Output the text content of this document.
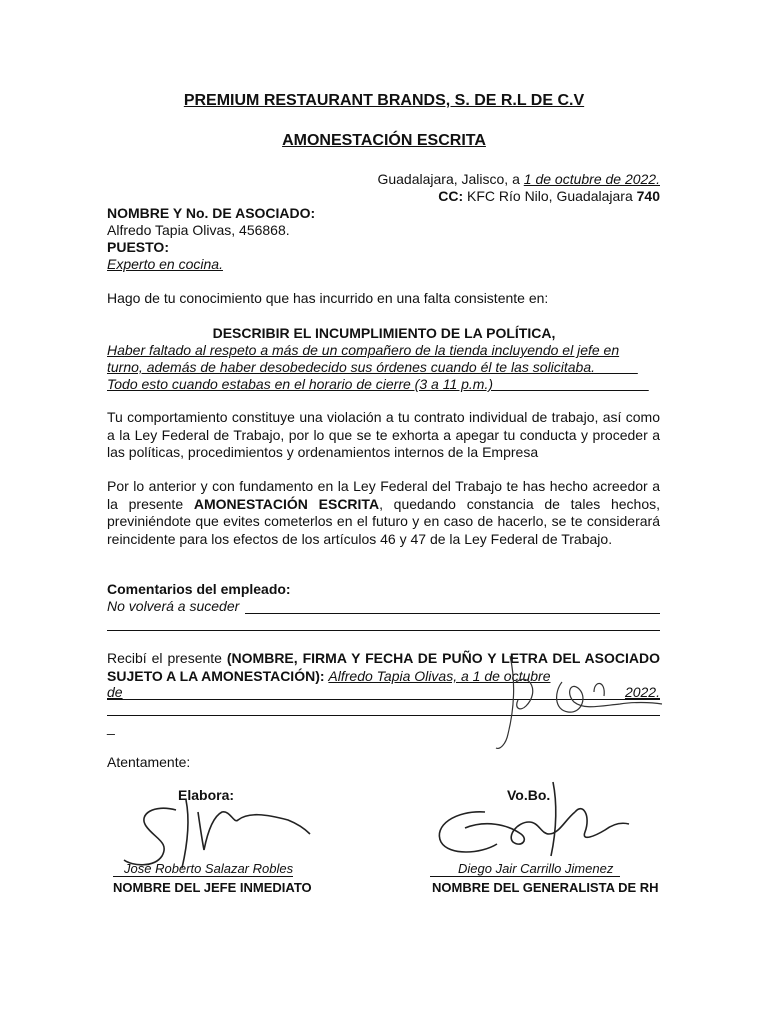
PREMIUM RESTAURANT BRANDS, S. DE R.L DE C.V
AMONESTACIÓN ESCRITA
Guadalajara, Jalisco, a 1 de octubre de 2022.
CC: KFC Río Nilo, Guadalajara 740
NOMBRE Y No. DE ASOCIADO:
Alfredo Tapia Olivas, 456868.
PUESTO:
Experto en cocina.
Hago de tu conocimiento que has incurrido en una falta consistente en:
DESCRIBIR EL INCUMPLIMIENTO DE LA POLÍTICA,
Haber faltado al respeto a más de un compañero de la tienda incluyendo el jefe en
turno, además de haber desobedecido sus órdenes cuando él te las solicitaba. _____
Todo esto cuando estabas en el horario de cierre (3 a 11 p.m.)____________________
Tu comportamiento constituye una violación a tu contrato individual de trabajo, así como a la Ley Federal de Trabajo, por lo que se te exhorta a apegar tu conducta y proceder a las políticas, procedimientos y ordenamientos internos de la Empresa
Por lo anterior y con fundamento en la Ley Federal del Trabajo te has hecho acreedor a la presente AMONESTACIÓN ESCRITA, quedando constancia de tales hechos, previniéndote que evites cometerlos en el futuro y en caso de hacerlo, se te considerará reincidente para los efectos de los artículos 46 y 47 de la Ley Federal de Trabajo.
Comentarios del empleado:
No volverá a suceder
Recibí el presente (NOMBRE, FIRMA Y FECHA DE PUÑO Y LETRA DEL ASOCIADO SUJETO A LA AMONESTACIÓN): Alfredo Tapia Olivas, a 1 de octubre
de	2022.
_
Atentamente:
Elabora:
José Roberto Salazar Robles
NOMBRE DEL JEFE INMEDIATO
Vo.Bo.
Diego Jair Carrillo Jimenez
NOMBRE DEL GENERALISTA DE RH
